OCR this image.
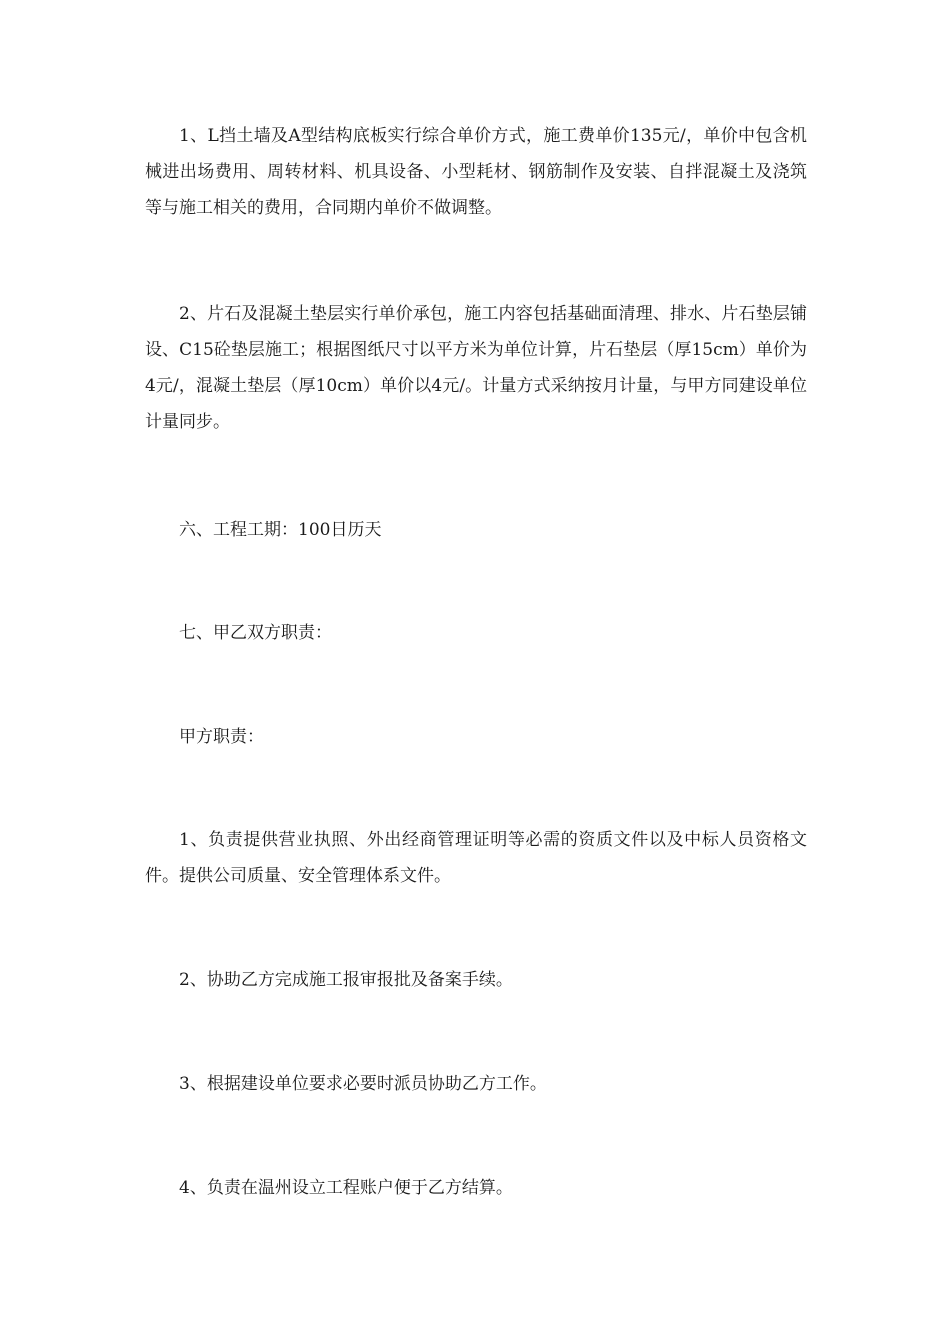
1、L挡土墙及A型结构底板实行综合单价方式，施工费单价135元/，单价中包含机械进出场费用、周转材料、机具设备、小型耗材、钢筋制作及安装、自拌混凝土及浇筑等与施工相关的费用，合同期内单价不做调整。

2、片石及混凝土垫层实行单价承包，施工内容包括基础面清理、排水、片石垫层铺设、C15砼垫层施工；根据图纸尺寸以平方米为单位计算，片石垫层（厚15cm）单价为4元/，混凝土垫层（厚10cm）单价以4元/。计量方式采纳按月计量，与甲方同建设单位计量同步。

六、工程工期：100日历天

七、甲乙双方职责：

甲方职责：

1、负责提供营业执照、外出经商管理证明等必需的资质文件以及中标人员资格文件。提供公司质量、安全管理体系文件。

2、协助乙方完成施工报审报批及备案手续。

3、根据建设单位要求必要时派员协助乙方工作。

4、负责在温州设立工程账户便于乙方结算。
